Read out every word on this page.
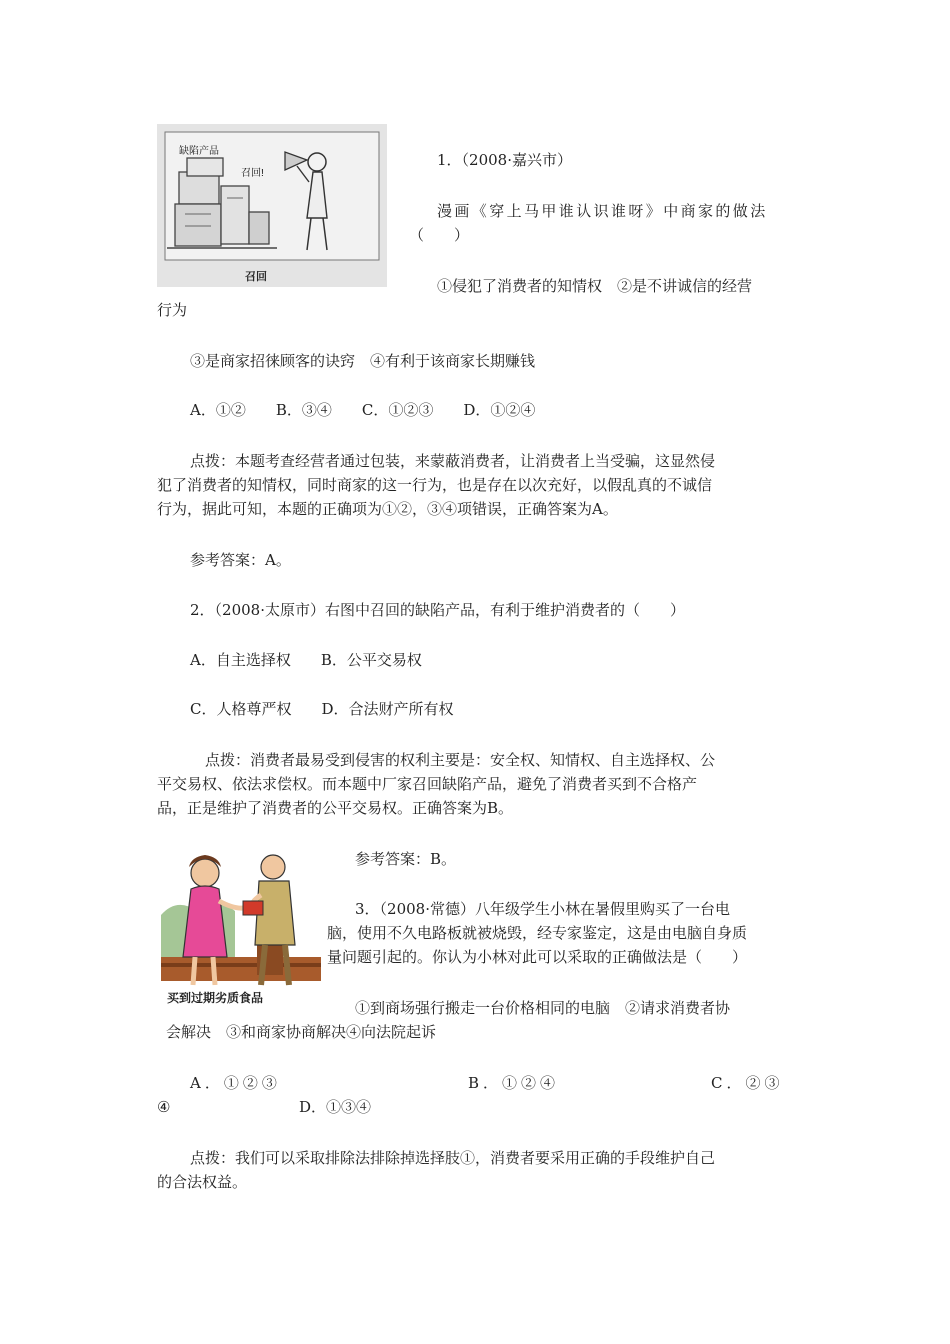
缺陷产品
召回!
召回
1．（2008·嘉兴市）
漫画《穿上马甲谁认识谁呀》中商家的做法
（　　）
①侵犯了消费者的知情权　②是不讲诚信的经营
行为
③是商家招徕顾客的诀窍　④有利于该商家长期赚钱
A．①②　　B．③④　　C．①②③　　D．①②④
点拨：本题考查经营者通过包装，来蒙蔽消费者，让消费者上当受骗，这显然侵
犯了消费者的知情权，同时商家的这一行为，也是存在以次充好，以假乱真的不诚信
行为，据此可知，本题的正确项为①②，③④项错误，正确答案为A。
参考答案：A。
2．（2008·太原市）右图中召回的缺陷产品，有利于维护消费者的（　　）
A．自主选择权　　B．公平交易权
C．人格尊严权　　D．合法财产所有权
点拨：消费者最易受到侵害的权利主要是：安全权、知情权、自主选择权、公
平交易权、依法求偿权。而本题中厂家召回缺陷产品，避免了消费者买到不合格产
品，正是维护了消费者的公平交易权。正确答案为B。
买到过期劣质食品
参考答案：B。
3．（2008·常德）八年级学生小林在暑假里购买了一台电
脑，使用不久电路板就被烧毁，经专家鉴定，这是由电脑自身质
量问题引起的。你认为小林对此可以采取的正确做法是（　　）
①到商场强行搬走一台价格相同的电脑　②请求消费者协
会解决　③和商家协商解决④向法院起诉
A．①②③	B．①②④	C．②③
④	D．①③④
点拨：我们可以采取排除法排除掉选择肢①，消费者要采用正确的手段维护自己
的合法权益。
